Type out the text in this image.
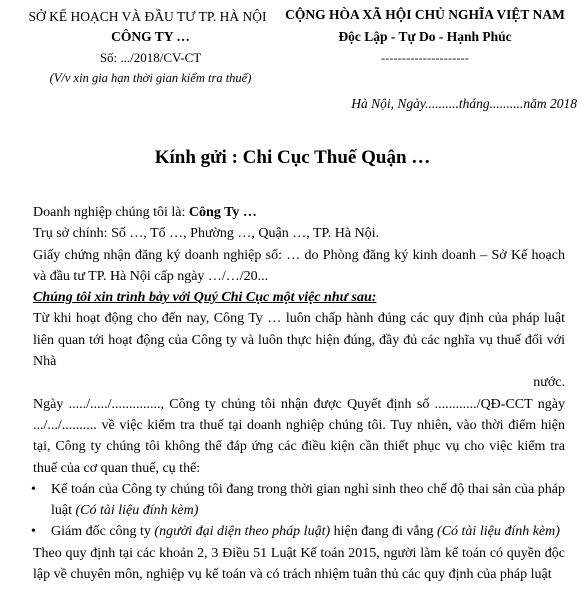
SỞ KẾ HOẠCH VÀ ĐẦU TƯ TP. HÀ NỘI
CÔNG TY …
Số: .../2018/CV-CT
(V/v xin gia hạn thời gian kiểm tra thuế)
CỘNG HÒA XÃ HỘI CHỦ NGHĨA VIỆT NAM
Độc Lập - Tự Do - Hạnh Phúc
---------------------
Hà Nội, Ngày..........tháng..........năm 2018
Kính gửi : Chi Cục Thuế Quận …

Doanh nghiệp chúng tôi là: Công Ty …

Trụ sở chính: Số …, Tổ …, Phường …, Quận …, TP. Hà Nội.

Giấy chứng nhận đăng ký doanh nghiệp số: … do Phòng đăng ký kinh doanh – Sở Kế hoạch và đầu tư TP. Hà Nội cấp ngày …/…/20...

Chúng tôi xin trình bày với Quý Chi Cục một việc như sau:

Từ khi hoạt động cho đến nay, Công Ty … luôn chấp hành đúng các quy định của pháp luật liên quan tới hoạt động của Công ty và luôn thực hiện đúng, đầy đủ các nghĩa vụ thuế đối với Nhà

nước.

Ngày ...../...../.............., Công ty chúng tôi nhận được Quyết định số ............/QĐ-CCT ngày .../.../.......... về việc kiểm tra thuế tại doanh nghiệp chúng tôi. Tuy nhiên, vào thời điểm hiện tại, Công ty chúng tôi không thể đáp ứng các điều kiện cần thiết phục vụ cho việc kiểm tra thuế của cơ quan thuế, cụ thể:

• Kế toán của Công ty chúng tôi đang trong thời gian nghỉ sinh theo chế độ thai sản của pháp luật (Có tài liệu đính kèm)
• Giám đốc công ty (người đại diện theo pháp luật) hiện đang đi vắng (Có tài liệu đính kèm)

Theo quy định tại các khoản 2, 3 Điều 51 Luật Kế toán 2015, người làm kế toán có quyền độc lập về chuyên môn, nghiệp vụ kế toán và có trách nhiệm tuân thủ các quy định của pháp luật
